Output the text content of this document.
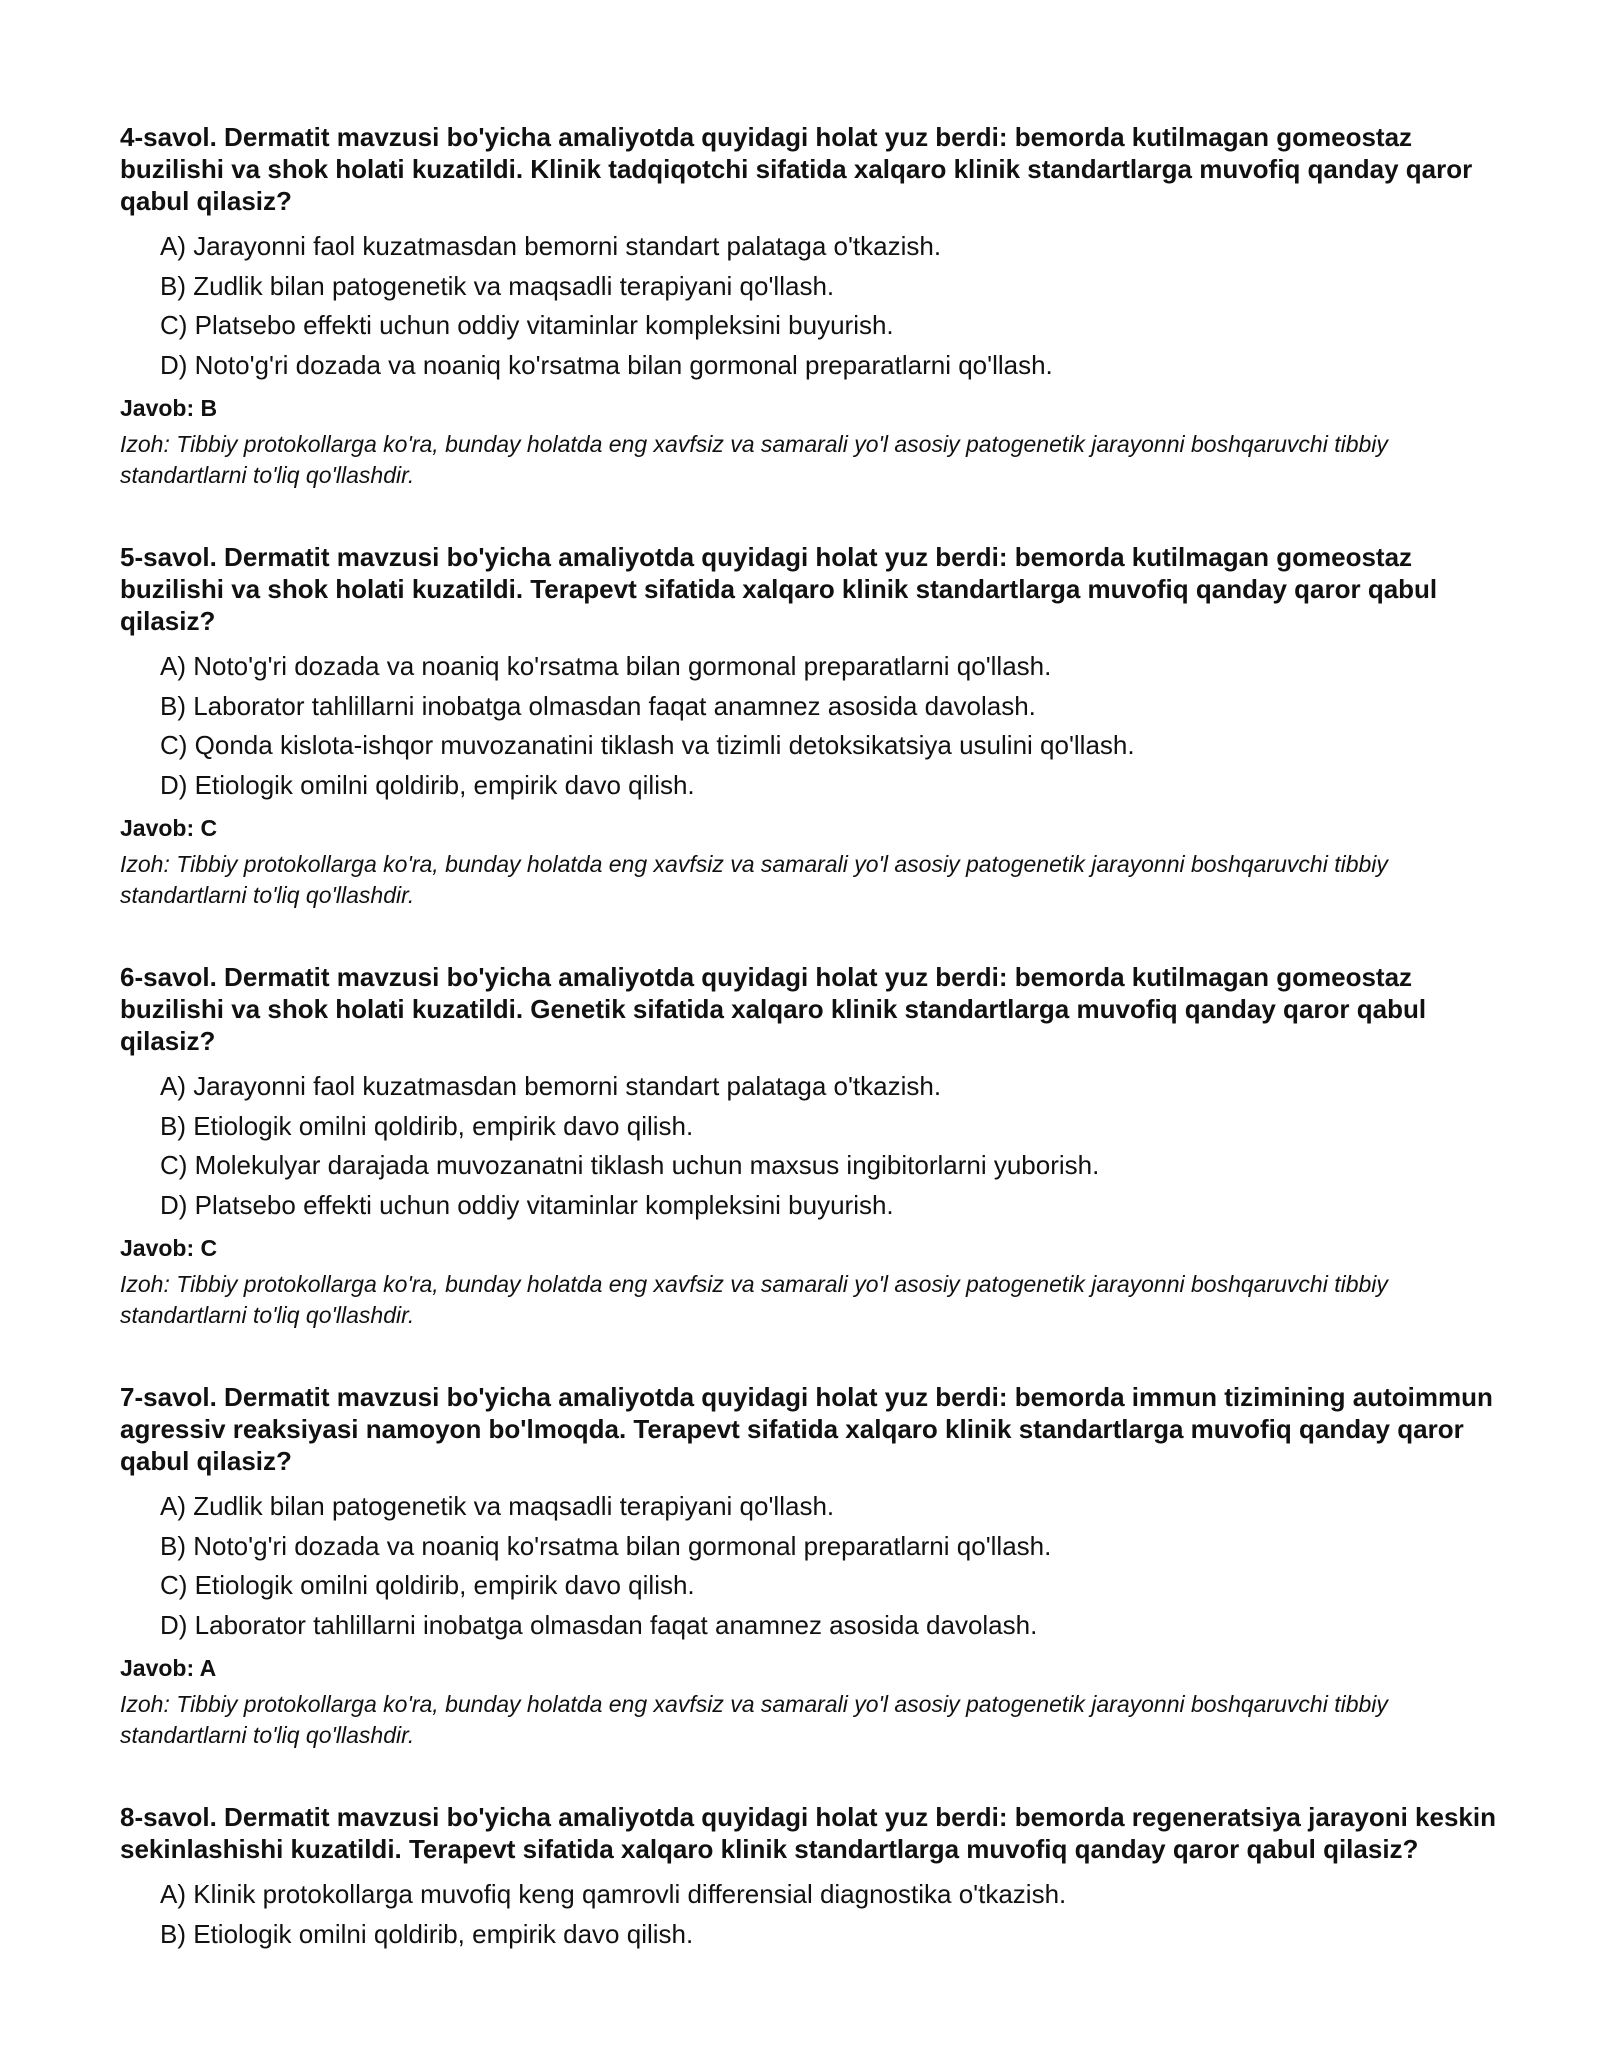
4-savol. Dermatit mavzusi bo'yicha amaliyotda quyidagi holat yuz berdi: bemorda kutilmagan gomeostaz buzilishi va shok holati kuzatildi. Klinik tadqiqotchi sifatida xalqaro klinik standartlarga muvofiq qanday qaror qabul qilasiz?
A) Jarayonni faol kuzatmasdan bemorni standart palataga o'tkazish.
B) Zudlik bilan patogenetik va maqsadli terapiyani qo'llash.
C) Platsebo effekti uchun oddiy vitaminlar kompleksini buyurish.
D) Noto'g'ri dozada va noaniq ko'rsatma bilan gormonal preparatlarni qo'llash.
Javob: B
Izoh: Tibbiy protokollarga ko'ra, bunday holatda eng xavfsiz va samarali yo'l asosiy patogenetik jarayonni boshqaruvchi tibbiy standartlarni to'liq qo'llashdir.
5-savol. Dermatit mavzusi bo'yicha amaliyotda quyidagi holat yuz berdi: bemorda kutilmagan gomeostaz buzilishi va shok holati kuzatildi. Terapevt sifatida xalqaro klinik standartlarga muvofiq qanday qaror qabul qilasiz?
A) Noto'g'ri dozada va noaniq ko'rsatma bilan gormonal preparatlarni qo'llash.
B) Laborator tahlillarni inobatga olmasdan faqat anamnez asosida davolash.
C) Qonda kislota-ishqor muvozanatini tiklash va tizimli detoksikatsiya usulini qo'llash.
D) Etiologik omilni qoldirib, empirik davo qilish.
Javob: C
Izoh: Tibbiy protokollarga ko'ra, bunday holatda eng xavfsiz va samarali yo'l asosiy patogenetik jarayonni boshqaruvchi tibbiy standartlarni to'liq qo'llashdir.
6-savol. Dermatit mavzusi bo'yicha amaliyotda quyidagi holat yuz berdi: bemorda kutilmagan gomeostaz buzilishi va shok holati kuzatildi. Genetik sifatida xalqaro klinik standartlarga muvofiq qanday qaror qabul qilasiz?
A) Jarayonni faol kuzatmasdan bemorni standart palataga o'tkazish.
B) Etiologik omilni qoldirib, empirik davo qilish.
C) Molekulyar darajada muvozanatni tiklash uchun maxsus ingibitorlarni yuborish.
D) Platsebo effekti uchun oddiy vitaminlar kompleksini buyurish.
Javob: C
Izoh: Tibbiy protokollarga ko'ra, bunday holatda eng xavfsiz va samarali yo'l asosiy patogenetik jarayonni boshqaruvchi tibbiy standartlarni to'liq qo'llashdir.
7-savol. Dermatit mavzusi bo'yicha amaliyotda quyidagi holat yuz berdi: bemorda immun tizimining autoimmun agressiv reaksiyasi namoyon bo'lmoqda. Terapevt sifatida xalqaro klinik standartlarga muvofiq qanday qaror qabul qilasiz?
A) Zudlik bilan patogenetik va maqsadli terapiyani qo'llash.
B) Noto'g'ri dozada va noaniq ko'rsatma bilan gormonal preparatlarni qo'llash.
C) Etiologik omilni qoldirib, empirik davo qilish.
D) Laborator tahlillarni inobatga olmasdan faqat anamnez asosida davolash.
Javob: A
Izoh: Tibbiy protokollarga ko'ra, bunday holatda eng xavfsiz va samarali yo'l asosiy patogenetik jarayonni boshqaruvchi tibbiy standartlarni to'liq qo'llashdir.
8-savol. Dermatit mavzusi bo'yicha amaliyotda quyidagi holat yuz berdi: bemorda regeneratsiya jarayoni keskin sekinlashishi kuzatildi. Terapevt sifatida xalqaro klinik standartlarga muvofiq qanday qaror qabul qilasiz?
A) Klinik protokollarga muvofiq keng qamrovli differensial diagnostika o'tkazish.
B) Etiologik omilni qoldirib, empirik davo qilish.
